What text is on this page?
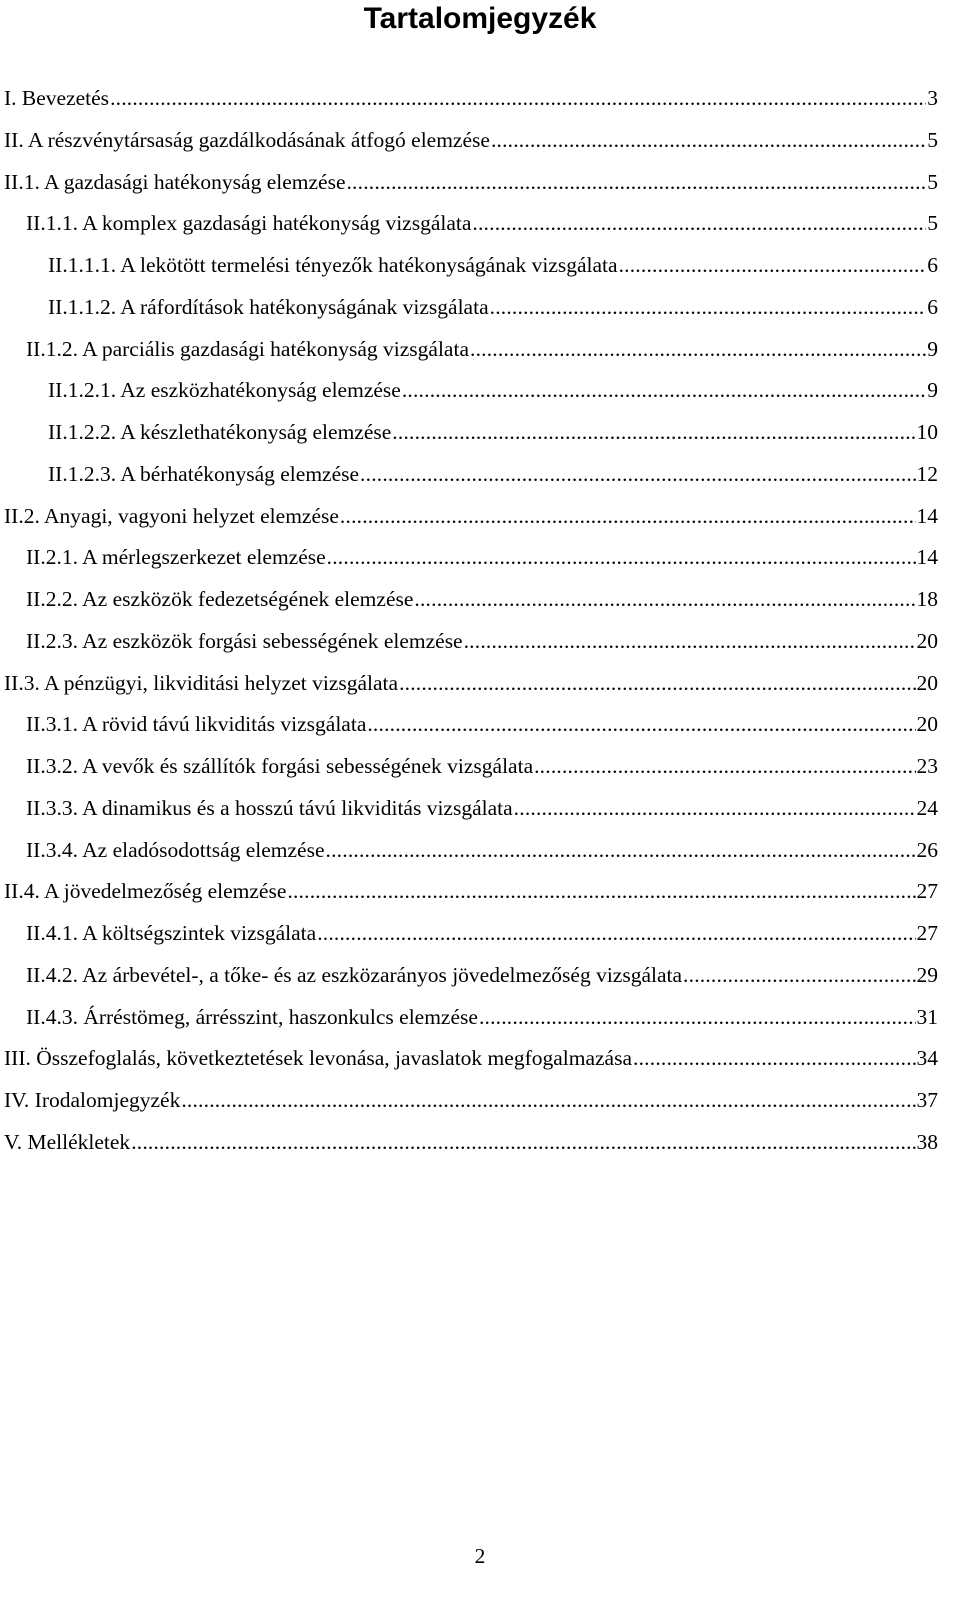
Tartalomjegyzék
I. Bevezetés .....	3
II. A részvénytársaság gazdálkodásának átfogó elemzése .....	5
II.1. A gazdasági hatékonyság elemzése .....	5
II.1.1. A komplex gazdasági hatékonyság vizsgálata .....	5
II.1.1.1. A lekötött termelési tényezők hatékonyságának vizsgálata .....	6
II.1.1.2. A ráfordítások hatékonyságának vizsgálata .....	6
II.1.2. A parciális gazdasági hatékonyság vizsgálata .....	9
II.1.2.1. Az eszközhatékonyság elemzése .....	9
II.1.2.2. A készlethatékonyság elemzése .....	10
II.1.2.3. A bérhatékonyság elemzése .....	12
II.2. Anyagi, vagyoni helyzet elemzése .....	14
II.2.1. A mérlegszerkezet elemzése .....	14
II.2.2. Az eszközök fedezetségének elemzése .....	18
II.2.3. Az eszközök forgási sebességének elemzése .....	20
II.3. A pénzügyi, likviditási helyzet vizsgálata .....	20
II.3.1. A rövid távú likviditás vizsgálata .....	20
II.3.2. A vevők és szállítók forgási sebességének vizsgálata .....	23
II.3.3. A dinamikus és a hosszú távú likviditás vizsgálata .....	24
II.3.4. Az eladósodottság elemzése .....	26
II.4. A jövedelmezőség elemzése .....	27
II.4.1. A költségszintek vizsgálata .....	27
II.4.2. Az árbevétel-, a tőke- és az eszközarányos jövedelmezőség vizsgálata .....	29
II.4.3. Árréstömeg, árrésszint, haszonkulcs elemzése .....	31
III. Összefoglalás, következtetések levonása, javaslatok megfogalmazása .....	34
IV. Irodalomjegyzék .....	37
V. Mellékletek .....	38
2
